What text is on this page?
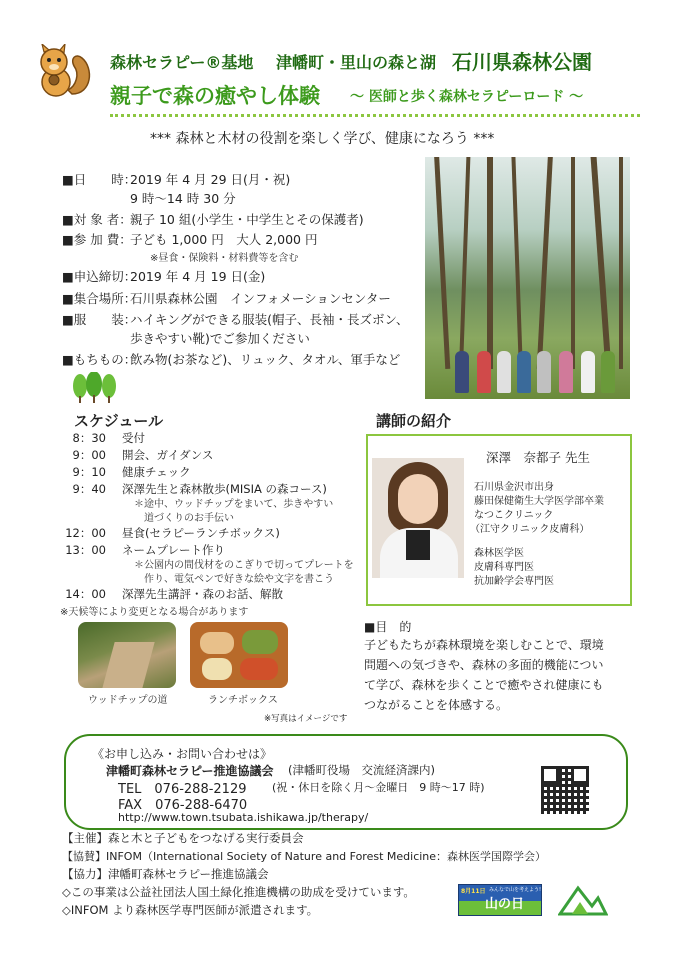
森林セラピー®基地 津幡町・里山の森と湖 石川県森林公園
親子で森の癒やし体験 ～ 医師と歩く森林セラピーロード ～
*** 森林と木材の役割を楽しく学び、健康になろう ***
■日　　時：2019 年 4 月 29 日(月・祝)
9 時～14 時 30 分
■対 象 者：親子 10 組(小学生・中学生とその保護者)
■参 加 費：子ども 1,000 円　大人 2,000 円
※昼食・保険料・材料費等を含む
■申込締切：2019 年 4 月 19 日(金)
■集合場所：石川県森林公園　インフォメーションセンター
■服　　装：ハイキングができる服装(帽子、長袖・長ズボン、
歩きやすい靴)でご参加ください
■もちもの：飲み物(お茶など)、リュック、タオル、軍手など
スケジュール
8：30 受付
9：00 開会、ガイダンス
9：10 健康チェック
9：40 深澤先生と森林散歩(MISIA の森コース)
＊途中、ウッドチップをまいて、歩きやすい
　道づくりのお手伝い
12：00 昼食(セラピーランチボックス)
13：00 ネームプレート作り
＊公園内の間伐材をのこぎりで切ってプレートを
作り、電気ペンで好きな絵や文字を書こう
14：00 深澤先生講評・森のお話、解散
※天候等により変更となる場合があります
ウッドチップの道	ランチボックス
※写真はイメージです
講師の紹介
深澤　奈都子 先生
石川県金沢市出身
藤田保健衛生大学医学部卒業
なつこクリニック
（江守クリニック皮膚科）
森林医学医
皮膚科専門医
抗加齢学会専門医
■目　的
子どもたちが森林環境を楽しむことで、環境
問題への気づきや、森林の多面的機能につい
て学び、森林を歩くことで癒やされ健康にも
つながることを体感する。
《お申し込み・お問い合わせは》
津幡町森林セラピー推進協議会 (津幡町役場　交流経済課内)
TEL　076-288-2129 (祝・休日を除く月～金曜日　9 時～17 時)
FAX　076-288-6470
http://www.town.tsubata.ishikawa.jp/therapy/
【主催】森と木と子どもをつなげる実行委員会
【協賛】INFOM（International Society of Nature and Forest Medicine：森林医学国際学会）
【協力】津幡町森林セラピー推進協議会
◇この事業は公益社団法人国土緑化推進機構の助成を受けています。
◇INFOM より森林医学専門医師が派遣されます。
8月11日 みんなで山を考えよう!
山の日
